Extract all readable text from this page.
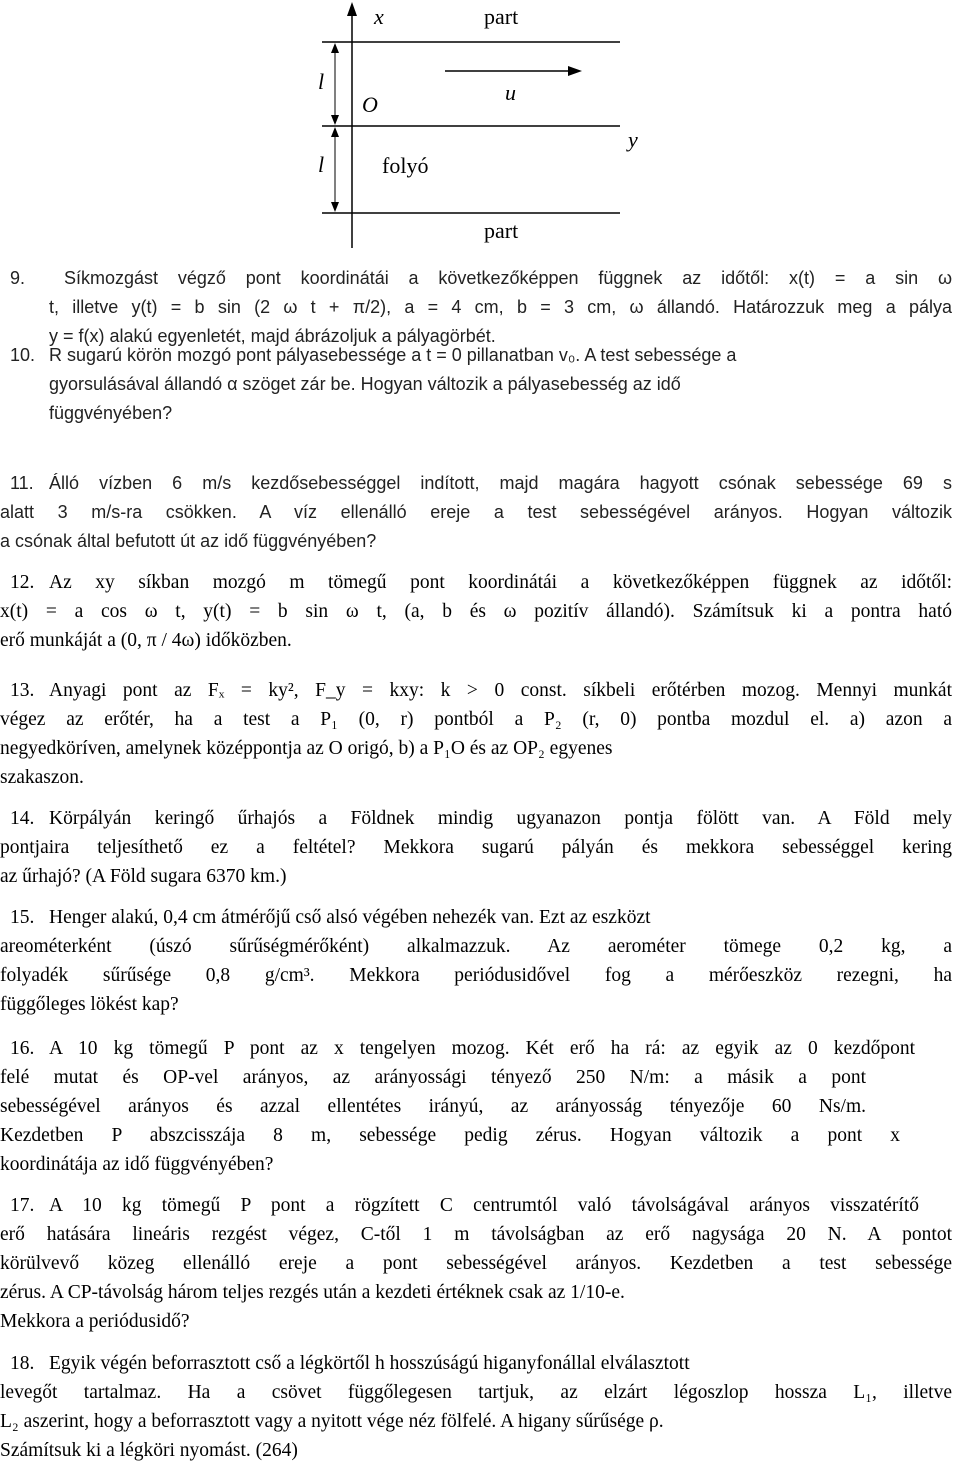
x	part
l
O	u
y
l	folyó
part
9. Síkmozgást végző pont koordinátái a következőképpen függnek az időtől: x(t) = a sin ω
t, illetve y(t) = b sin (2 ω t + π/2), a = 4 cm, b = 3 cm, ω állandó. Határozzuk meg a pálya
y = f(x) alakú egyenletét, majd ábrázoljuk a pályagörbét.
10. R sugarú körön mozgó pont pályasebessége a t = 0 pillanatban v₀. A test sebessége a
gyorsulásával állandó α szöget zár be. Hogyan változik a pályasebesség az idő
függvényében?
11. Álló vízben 6 m/s kezdősebességgel indított, majd magára hagyott csónak sebessége 69 s
alatt 3 m/s-ra csökken. A víz ellenálló ereje a test sebességével arányos. Hogyan változik
a csónak által befutott út az idő függvényében?
12. Az xy síkban mozgó m tömegű pont koordinátái a következőképpen függnek az időtől:
x(t) = a cos ω t, y(t) = b sin ω t, (a, b és ω pozitív állandó). Számítsuk ki a pontra ható
erő munkáját a (0, π / 4ω) időközben.
13. Anyagi pont az Fₓ = ky², F_y = kxy: k > 0 const. síkbeli erőtérben mozog. Mennyi munkát
végez az erőtér, ha a test a P₁ (0, r) pontból a P₂ (r, 0) pontba mozdul el. a) azon a
negyedköríven, amelynek középpontja az O origó, b) a P₁O és az OP₂ egyenes
szakaszon.
14. Körpályán keringő űrhajós a Földnek mindig ugyanazon pontja fölött van. A Föld mely
pontjaira teljesíthető ez a feltétel? Mekkora sugarú pályán és mekkora sebességgel kering
az űrhajó? (A Föld sugara 6370 km.)
15. Henger alakú, 0,4 cm átmérőjű cső alsó végében nehezék van. Ezt az eszközt
areométerként (úszó sűrűségmérőként) alkalmazzuk. Az aerométer tömege 0,2 kg, a
folyadék sűrűsége 0,8 g/cm³. Mekkora periódusidővel fog a mérőeszköz rezegni, ha
függőleges lökést kap?
16. A 10 kg tömegű P pont az x tengelyen mozog. Két erő ha rá: az egyik az 0 kezdőpont
felé mutat és OP-vel arányos, az arányossági tényező 250 N/m: a másik a pont
sebességével arányos és azzal ellentétes irányú, az arányosság tényezője 60 Ns/m.
Kezdetben P abszcisszája 8 m, sebessége pedig zérus. Hogyan változik a pont x
koordinátája az idő függvényében?
17. A 10 kg tömegű P pont a rögzített C centrumtól való távolságával arányos visszatérítő
erő hatására lineáris rezgést végez, C-től 1 m távolságban az erő nagysága 20 N. A pontot
körülvevő közeg ellenálló ereje a pont sebességével arányos. Kezdetben a test sebessége
zérus. A CP-távolság három teljes rezgés után a kezdeti értéknek csak az 1/10-e.
Mekkora a periódusidő?
18. Egyik végén beforrasztott cső a légkörtől h hosszúságú higanyfonállal elválasztott
levegőt tartalmaz. Ha a csövet függőlegesen tartjuk, az elzárt légoszlop hossza L₁, illetve
L₂ aszerint, hogy a beforrasztott vagy a nyitott vége néz fölfelé. A higany sűrűsége ρ.
Számítsuk ki a légköri nyomást. (264)
